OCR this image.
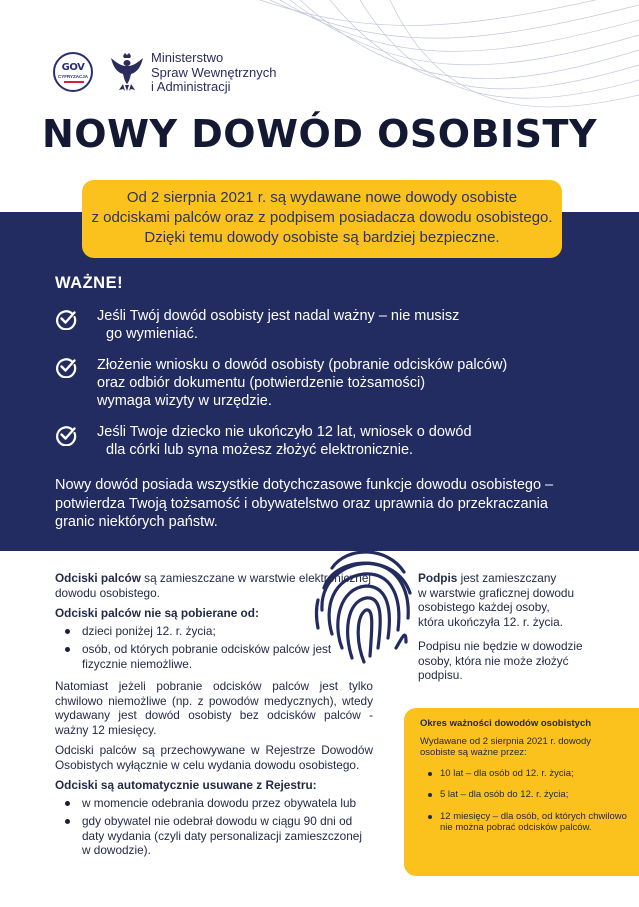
GOV
CYFRYZACJA
Ministerstwo
Spraw Wewnętrznych
i Administracji
NOWY DOWÓD OSOBISTY
Od 2 sierpnia 2021 r. są wydawane nowe dowody osobiste
z odciskami palców oraz z podpisem posiadacza dowodu osobistego.
Dzięki temu dowody osobiste są bardziej bezpieczne.
WAŻNE!
Jeśli Twój dowód osobisty jest nadal ważny – nie musisz
go wymieniać.
Złożenie wniosku o dowód osobisty (pobranie odcisków palców)
oraz odbiór dokumentu (potwierdzenie tożsamości)
wymaga wizyty w urzędzie.
Jeśli Twoje dziecko nie ukończyło 12 lat, wniosek o dowód
dla córki lub syna możesz złożyć elektronicznie.
Nowy dowód posiada wszystkie dotychczasowe funkcje dowodu osobistego –
potwierdza Twoją tożsamość i obywatelstwo oraz uprawnia do przekraczania
granic niektórych państw.

Odciski palców są zamieszczane w warstwie elektronicznej dowodu osobistego.

Odciski palców nie są pobierane od:

dzieci poniżej 12. r. życia;
osób, od których pobranie odcisków palców jest fizycznie niemożliwe.

Natomiast jeżeli pobranie odcisków palców jest tylko chwilowo niemożliwe (np. z powodów medycznych), wtedy wydawany jest dowód osobisty bez odcisków palców - ważny 12 miesięcy.

Odciski palców są przechowywane w Rejestrze Dowodów Osobistych wyłącznie w celu wydania dowodu osobistego.

Odciski są automatycznie usuwane z Rejestru:

w momencie odebrania dowodu przez obywatela lub
gdy obywatel nie odebrał dowodu w ciągu 90 dni od daty wydania (czyli daty personalizacji zamieszczonej w dowodzie).
Podpis jest zamieszczany
w warstwie graficznej dowodu
osobistego każdej osoby,
która ukończyła 12. r. życia.
Podpisu nie będzie w dowodzie
osoby, która nie może złożyć
podpisu.
Okres ważności dowodów osobistych
Wydawane od 2 sierpnia 2021 r. dowody osobiste są ważne przez:
10 lat – dla osób od 12. r. życia;
5 lat – dla osób do 12. r. życia;
12 miesięcy – dla osób, od których chwilowo nie można pobrać odcisków palców.
